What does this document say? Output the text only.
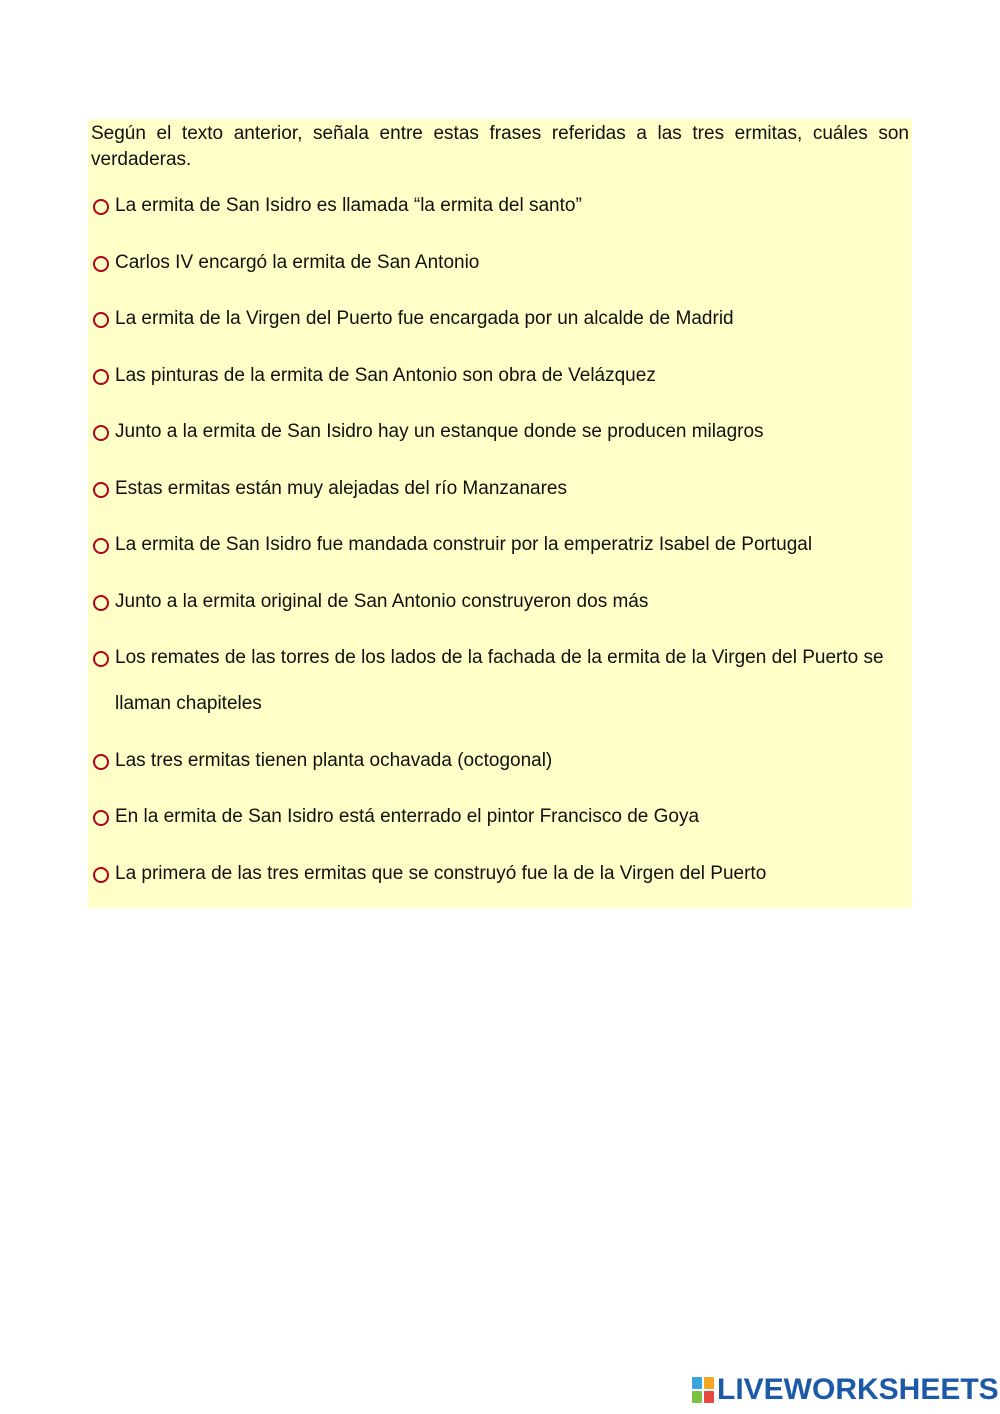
Según el texto anterior, señala entre estas frases referidas a las tres ermitas, cuáles son verdaderas.
La ermita de San Isidro es llamada “la ermita del santo”
Carlos IV encargó la ermita de San Antonio
La ermita de la Virgen del Puerto fue encargada por un alcalde de Madrid
Las pinturas de la ermita de San Antonio son obra de Velázquez
Junto a la ermita de San Isidro hay un estanque donde se producen milagros
Estas ermitas están muy alejadas del río Manzanares
La ermita de San Isidro fue mandada construir por la emperatriz Isabel de Portugal
Junto a la ermita original de San Antonio construyeron dos más
Los remates de las torres de los lados de la fachada de la ermita de la Virgen del Puerto se llaman chapiteles
Las tres ermitas tienen planta ochavada (octogonal)
En la ermita de San Isidro está enterrado el pintor Francisco de Goya
La primera de las tres ermitas que se construyó fue la de la Virgen del Puerto
LIVEWORKSHEETS
